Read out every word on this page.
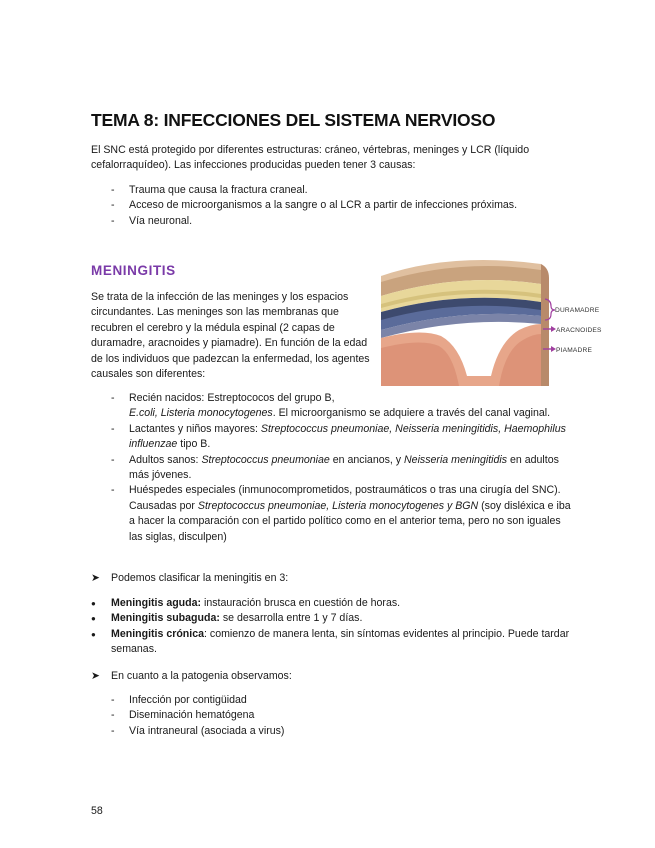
TEMA 8: INFECCIONES DEL SISTEMA NERVIOSO

El SNC está protegido por diferentes estructuras: cráneo, vértebras, meninges y LCR (líquido cefalorraquídeo). Las infecciones producidas pueden tener 3 causas:

- Trauma que causa la fractura craneal.
- Acceso de microorganismos a la sangre o al LCR a partir de infecciones próximas.
- Vía neuronal.
MENINGITIS

Se trata de la infección de las meninges y los espacios circundantes. Las meninges son las membranas que recubren el cerebro y la médula espinal (2 capas de duramadre, aracnoides y piamadre). En función de la edad de los individuos que padezcan la enfermedad, los agentes causales son diferentes:

DURAMADRE
ARACNOIDES
PIAMADRE
- Recién nacidos: Estreptococos del grupo B,
E.coli, Listeria monocytogenes. El microorganismo se adquiere a través del canal vaginal.
- Lactantes y niños mayores: Streptococcus pneumoniae, Neisseria meningitidis, Haemophilus influenzae tipo B.
- Adultos sanos: Streptococcus pneumoniae en ancianos, y Neisseria meningitidis en adultos más jóvenes.
- Huéspedes especiales (inmunocomprometidos, postraumáticos o tras una cirugía del SNC). Causadas por Streptococcus pneumoniae, Listeria monocytogenes y BGN (soy disléxica e iba a hacer la comparación con el partido político como en el anterior tema, pero no son iguales las siglas, disculpen)

➤ Podemos clasificar la meningitis en 3:

● Meningitis aguda: instauración brusca en cuestión de horas.
● Meningitis subaguda: se desarrolla entre 1 y 7 días.
● Meningitis crónica: comienzo de manera lenta, sin síntomas evidentes al principio. Puede tardar semanas.

➤ En cuanto a la patogenia observamos:

- Infección por contigüidad
- Diseminación hematógena
- Vía intraneural (asociada a virus)
58
